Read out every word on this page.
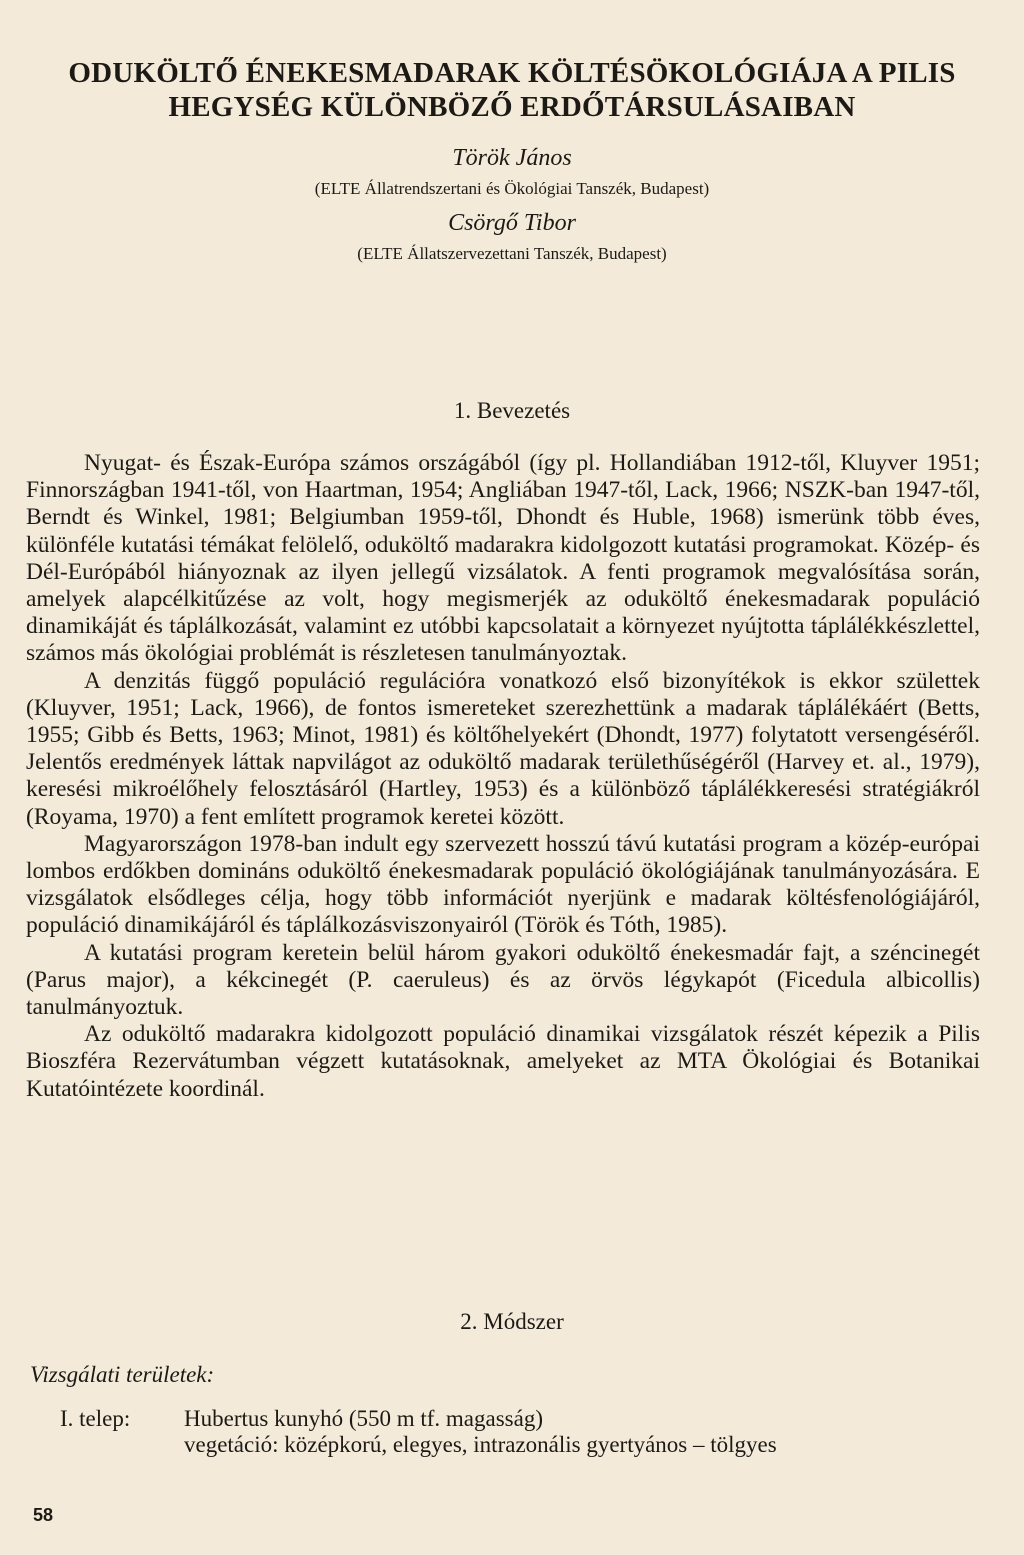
ODUKÖLTŐ ÉNEKESMADARAK KÖLTÉSÖKOLÓGIÁJA A PILIS HEGYSÉG KÜLÖNBÖZŐ ERDŐTÁRSULÁSAIBAN
Török János
(ELTE Állatrendszertani és Ökológiai Tanszék, Budapest)
Csörgő Tibor
(ELTE Állatszervezettani Tanszék, Budapest)
1. Bevezetés

Nyugat- és Észak-Európa számos országából (így pl. Hollandiában 1912-től, Kluyver 1951; Finnországban 1941-től, von Haartman, 1954; Angliában 1947-től, Lack, 1966; NSZK-ban 1947-től, Berndt és Winkel, 1981; Belgiumban 1959-től, Dhondt és Huble, 1968) ismerünk több éves, különféle kutatási témákat felölelő, oduköltő madarakra kidolgozott kutatási programokat. Közép- és Dél-Európából hiányoznak az ilyen jellegű vizsálatok. A fenti programok megvalósítása során, amelyek alapcélkitűzése az volt, hogy megismerjék az oduköltő énekesmadarak populáció dinamikáját és táplálkozását, valamint ez utóbbi kapcsolatait a környezet nyújtotta táplálékkészlettel, számos más ökológiai problémát is részletesen tanulmányoztak.

A denzitás függő populáció regulációra vonatkozó első bizonyítékok is ekkor születtek (Kluyver, 1951; Lack, 1966), de fontos ismereteket szerezhettünk a madarak táplálékáért (Betts, 1955; Gibb és Betts, 1963; Minot, 1981) és költőhelyekért (Dhondt, 1977) folytatott versengéséről. Jelentős eredmények láttak napvilágot az oduköltő madarak területhűségéről (Harvey et. al., 1979), keresési mikroélőhely felosztásáról (Hartley, 1953) és a különböző táplálékkeresési stratégiákról (Royama, 1970) a fent említett programok keretei között.

Magyarországon 1978-ban indult egy szervezett hosszú távú kutatási program a közép-európai lombos erdőkben domináns oduköltő énekesmadarak populáció ökológiájának tanulmányozására. E vizsgálatok elsődleges célja, hogy több információt nyerjünk e madarak költésfenológiájáról, populáció dinamikájáról és táplálkozásviszonyairól (Török és Tóth, 1985).

A kutatási program keretein belül három gyakori oduköltő énekesmadár fajt, a széncinegét (Parus major), a kékcinegét (P. caeruleus) és az örvös légykapót (Ficedula albicollis) tanulmányoztuk.

Az oduköltő madarakra kidolgozott populáció dinamikai vizsgálatok részét képezik a Pilis Bioszféra Rezervátumban végzett kutatásoknak, amelyeket az MTA Ökológiai és Botanikai Kutatóintézete koordinál.

2. Módszer
Vizsgálati területek:
I. telep: Hubertus kunyhó (550 m tf. magasság)
vegetáció: középkorú, elegyes, intrazonális gyertyános – tölgyes
58
